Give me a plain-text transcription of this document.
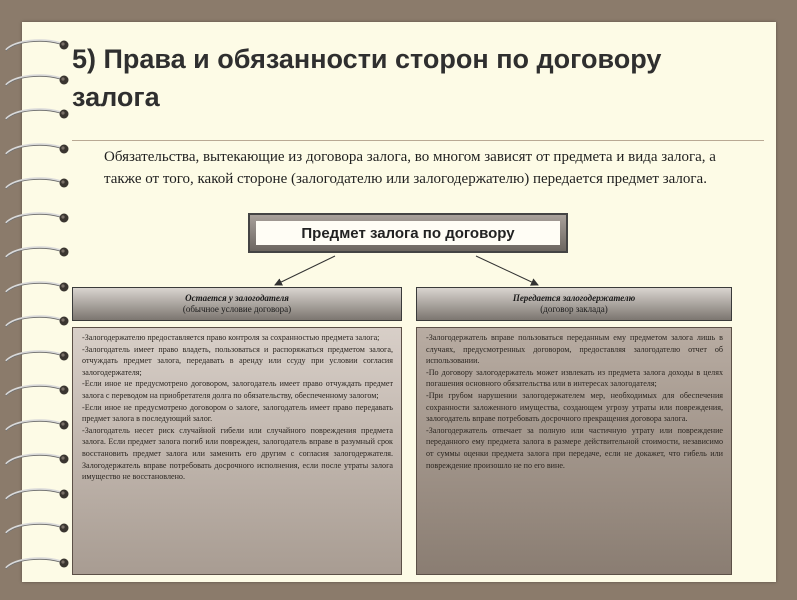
5) Права и обязанности сторон по договору залога

Обязательства, вытекающие из договора залога, во многом зависят от предмета и вида залога, а также от того, какой стороне (залогодателю или залогодержателю) передается предмет залога.

Предмет залога по договору
Остается у залогодателя
(обычное условие договора)
Передается залогодержателю
(договор заклада)

-Залогодержателю предоставляется право контроля за сохранностью предмета залога;

-Залогодатель имеет право владеть, пользоваться и распоряжаться предметом залога, отчуждать предмет залога, передавать в аренду или ссуду при условии согласия залогодержателя;

-Если иное не предусмотрено договором, залогодатель имеет право отчуждать предмет залога с переводом на приобретателя долга по обязательству, обеспеченному залогом;

-Если иное не предусмотрено договором о залоге, залогодатель имеет право передавать предмет залога в последующий залог.

-Залогодатель несет риск случайной гибели или случайного повреждения предмета залога. Если предмет залога погиб или поврежден, залогодатель вправе в разумный срок восстановить предмет залога или заменить его другим с согласия залогодержателя. Залогодержатель вправе потребовать досрочного исполнения, если после утраты залога имущество не восстановлено.

-Залогодержатель вправе пользоваться переданным ему предметом залога лишь в случаях, предусмотренных договором, предоставляя залогодателю отчет об использовании.

-По договору залогодержатель может извлекать из предмета залога доходы в целях погашения основного обязательства или в интересах залогодателя;

-При грубом нарушении залогодержателем мер, необходимых для обеспечения сохранности заложенного имущества, создающем угрозу утраты или повреждения, залогодатель вправе потребовать досрочного прекращения договора залога.

-Залогодержатель отвечает за полную или частичную утрату или повреждение переданного ему предмета залога в размере действительной стоимости, независимо от суммы оценки предмета залога при передаче, если не докажет, что гибель или повреждение произошло не по его вине.
